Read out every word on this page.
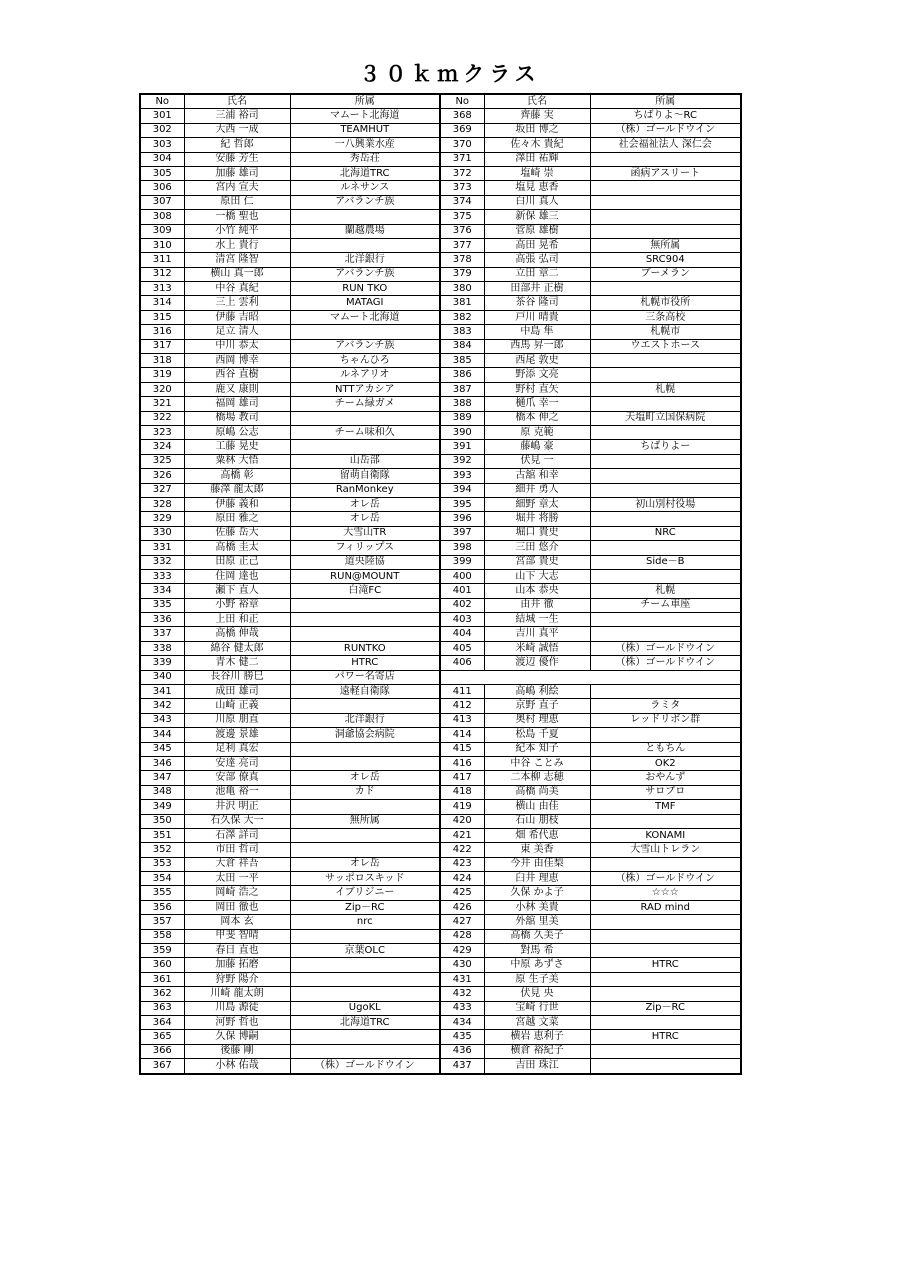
３０ｋｍクラス
No	氏名	所属	No	氏名	所属
301	三浦 裕司	マムート北海道	368	齊藤 実	ちばりよ〜RC
302	大西 一成	TEAMHUT	369	坂田 博之	（株）ゴールドウイン
303	紀 哲郎	一八興業水産	370	佐々木 貴紀	社会福祉法人 深仁会
304	安藤 芳生	秀岳荘	371	澤田 祐輝	
305	加藤 雄司	北海道TRC	372	塩崎 崇	函病アスリート
306	宮内 宣夫	ルネサンス	373	塩見 恵香	
307	原田 仁	アバランチ族	374	白川 真人	
308	一橋 聖也		375	新保 雄三	
309	小竹 純平	蘭越農場	376	菅原 雄樹	
310	水上 貴行		377	高田 晃希	無所属
311	清宮 隆智	北洋銀行	378	高張 弘司	SRC904
312	横山 真一郎	アバランチ族	379	立田 章二	ブーメラン
313	中谷 真紀	RUN TKO	380	田部井 正樹	
314	三上 雲利	MATAGI	381	茶谷 隆司	札幌市役所
315	伊藤 吉昭	マムート北海道	382	戸川 晴貴	三条高校
316	足立 清人		383	中島 隼	札幌市
317	中川 恭太	アバランチ族	384	西馬 昇一郎	ウエストホース
318	西岡 博幸	ちゃんひろ	385	西尾 敦史	
319	西谷 直樹	ルネアリオ	386	野添 文亮	
320	鹿又 康則	NTTアカシア	387	野村 直矢	札幌
321	福岡 雄司	チーム緑ガメ	388	樋爪 幸一	
322	橋場 教司		389	橋本 伸之	天塩町立国保病院
323	原嶋 公志	チーム味和久	390	原 克範	
324	工藤 晃史		391	藤嶋 豪	ちばりよー
325	粟林 大悟	山岳部	392	伏見 一	
326	高橋 彰	留萌自衛隊	393	古舘 和幸	
327	藤澤 龍太郎	RanMonkey	394	細井 勇人	
328	伊藤 義和	オレ岳	395	細野 章太	初山別村役場
329	原田 雅之	オレ岳	396	堀井 将勝	
330	佐藤 岳大	大雪山TR	397	堀口 貴史	NRC
331	高橋 圭太	フィリップス	398	三田 悠介	
332	田原 正己	道央陸協	399	宮部 貴史	Side－B
333	住岡 達也	RUN@MOUNT	400	山下 大志	
334	瀬下 直人	白滝FC	401	山本 恭央	札幌
335	小野 裕章		402	由井 徹	チーム車座
336	上田 和正		403	結城 一生	
337	高橋 伸哉		404	吉川 真平	
338	綿谷 健太郎	RUNTKO	405	米崎 誠悟	（株）ゴールドウイン
339	青木 健二	HTRC	406	渡辺 優作	（株）ゴールドウイン
340	長谷川 勝巳	パワー名寄店			
341	成田 雄司	遠軽自衛隊	411	高嶋 利絵	
342	山崎 正義		412	京野 直子	ラミタ
343	川原 朋直	北洋銀行	413	奥村 理恵	レッドリボン群
344	渡邊 景雄	洞爺協会病院	414	松島 千夏	
345	足利 真宏		415	紀本 知子	ともちん
346	安達 亮司		416	中谷 ことみ	OK2
347	安部 僚真	オレ岳	417	二本柳 志穂	おやんず
348	池亀 裕一	カド	418	高橋 尚美	サロプロ
349	井沢 明正		419	横山 由佳	TMF
350	石久保 大一	無所属	420	石山 朋枝	
351	石澤 詳司		421	畑 希代恵	KONAMI
352	市田 哲司		422	東 美香	大雪山トレラン
353	大倉 祥吾	オレ岳	423	今井 由佳梨	
354	太田 一平	サッポロスキッド	424	臼井 理恵	（株）ゴールドウイン
355	岡崎 浩之	イブリジニー	425	久保 かよ子	☆☆☆
356	岡田 徹也	Zip－RC	426	小林 美貴	RAD mind
357	岡本 玄	nrc	427	外舘 里美	
358	甲斐 智晴		428	高橋 久美子	
359	春日 直也	京葉OLC	429	對馬 希	
360	加藤 拓磨		430	中原 あずさ	HTRC
361	狩野 陽介		431	原 生子美	
362	川崎 龍太朗		432	伏見 央	
363	川島 源徒	UgoKL	433	宝崎 行世	Zip－RC
364	河野 哲也	北海道TRC	434	宮越 文菜	
365	久保 博嗣		435	横岩 恵利子	HTRC
366	後藤 剛		436	横倉 裕紀子	
367	小林 佑哉	（株）ゴールドウイン	437	吉田 珠江	
